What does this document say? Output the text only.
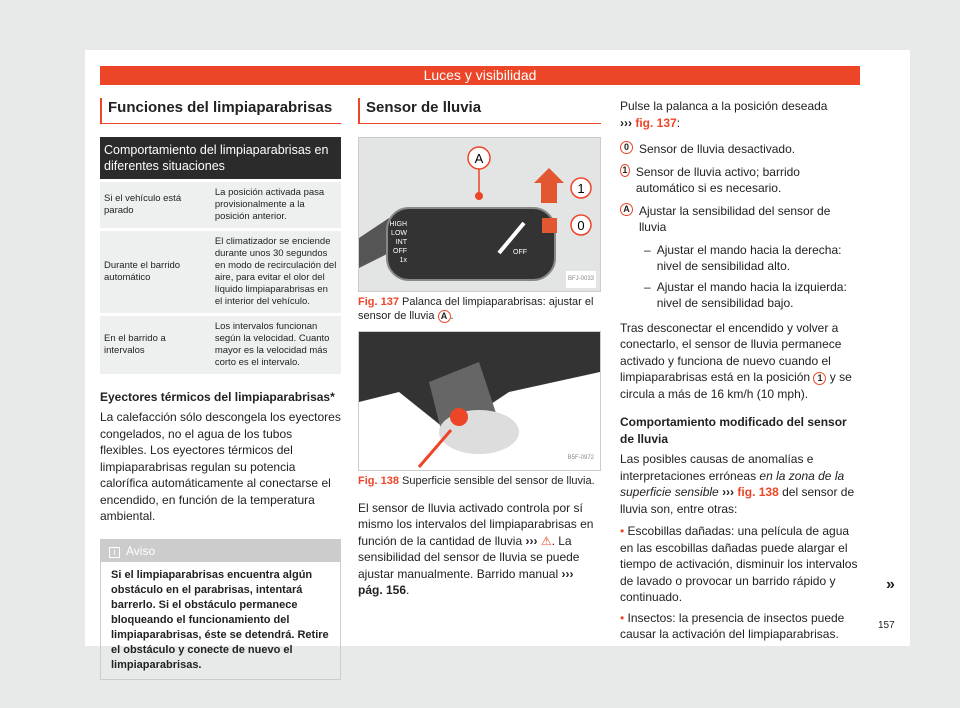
Luces y visibilidad
Funciones del limpiaparabrisas
Comportamiento del limpiaparabrisas en diferentes situaciones	
Si el vehículo está parado	La posición activada pasa provisionalmente a la posición anterior.
Durante el barrido automático	El climatizador se enciende durante unos 30 segundos en modo de recirculación del aire, para evitar el olor del líquido limpiaparabrisas en el interior del vehículo.
En el barrido a intervalos	Los intervalos funcionan según la velocidad. Cuanto mayor es la velocidad más corto es el intervalo.
Eyectores térmicos del limpiaparabrisas*

La calefacción sólo descongela los eyectores congelados, no el agua de los tubos flexibles. Los eyectores térmicos del limpiaparabrisas regulan su potencia calorífica automáticamente al conectarse el encendido, en función de la temperatura ambiental.

i Aviso
Si el limpiaparabrisas encuentra algún obstáculo en el parabrisas, intentará barrerlo. Si el obstáculo permanece bloqueando el funcionamiento del limpiaparabrisas, éste se detendrá. Retire el obstáculo y conecte de nuevo el limpiaparabrisas.
Sensor de lluvia
A
HIGH
LOW
INT
OFF
1x
OFF
1
0
BFJ-0033
Fig. 137 Palanca del limpiaparabrisas: ajustar el sensor de lluvia A .
B5F-0972
Fig. 138 Superficie sensible del sensor de lluvia.

El sensor de lluvia activado controla por sí mismo los intervalos del limpiaparabrisas en función de la cantidad de lluvia ››› ⚠. La sensibilidad del sensor de lluvia se puede ajustar manualmente. Barrido manual ››› pág. 156.

Pulse la palanca a la posición deseada
››› fig. 137:

0 Sensor de lluvia desactivado.
1 Sensor de lluvia activo; barrido automático si es necesario.
A Ajustar la sensibilidad del sensor de lluvia
– Ajustar el mando hacia la derecha: nivel de sensibilidad alto.
– Ajustar el mando hacia la izquierda: nivel de sensibilidad bajo.

Tras desconectar el encendido y volver a conectarlo, el sensor de lluvia permanece activado y funciona de nuevo cuando el limpiaparabrisas está en la posición 1 y se circula a más de 16 km/h (10 mph).

Comportamiento modificado del sensor de lluvia

Las posibles causas de anomalías e interpretaciones erróneas en la zona de la superficie sensible ››› fig. 138 del sensor de lluvia son, entre otras:

• Escobillas dañadas: una película de agua en las escobillas dañadas puede alargar el tiempo de activación, disminuir los intervalos de lavado o provocar un barrido rápido y continuado.

• Insectos: la presencia de insectos puede causar la activación del limpiaparabrisas.

»
157
